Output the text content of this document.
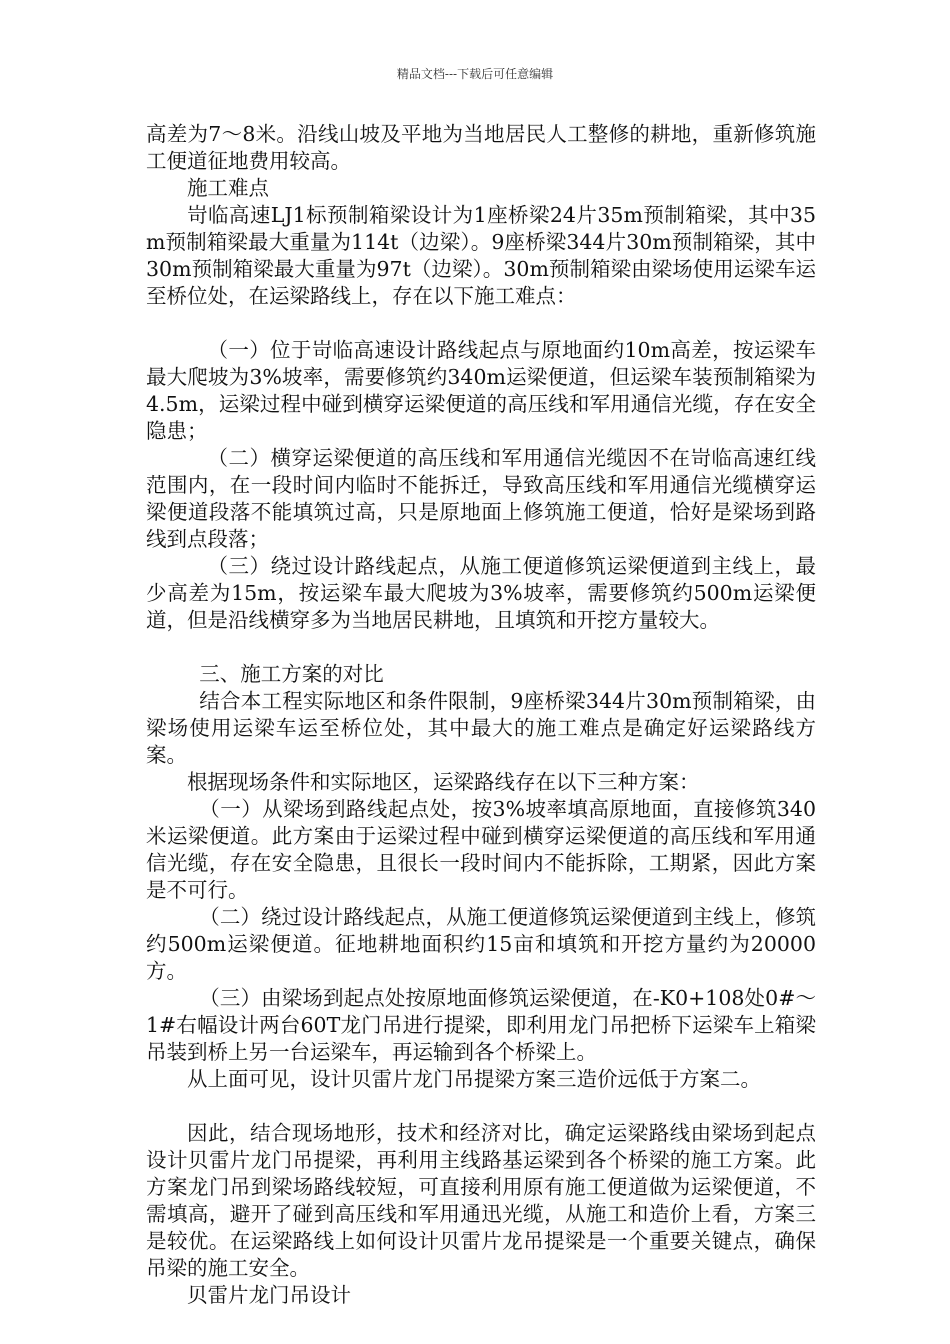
精品文档---下载后可任意编辑

高差为7～8米。沿线山坡及平地为当地居民人工整修的耕地，重新修筑施工便道征地费用较高。

施工难点

岢临高速LJ1标预制箱梁设计为1座桥梁24片35m预制箱梁，其中35m预制箱梁最大重量为114t（边梁）。9座桥梁344片30m预制箱梁，其中30m预制箱梁最大重量为97t（边梁）。30m预制箱梁由梁场使用运梁车运至桥位处，在运梁路线上，存在以下施工难点：

（一）位于岢临高速设计路线起点与原地面约10m高差，按运梁车最大爬坡为3%坡率，需要修筑约340m运梁便道，但运梁车装预制箱梁为4.5m，运梁过程中碰到横穿运梁便道的高压线和军用通信光缆，存在安全隐患；

（二）横穿运梁便道的高压线和军用通信光缆因不在岢临高速红线范围内，在一段时间内临时不能拆迁，导致高压线和军用通信光缆横穿运梁便道段落不能填筑过高，只是原地面上修筑施工便道，恰好是梁场到路线到点段落；

（三）绕过设计路线起点，从施工便道修筑运梁便道到主线上，最少高差为15m，按运梁车最大爬坡为3%坡率，需要修筑约500m运梁便道，但是沿线横穿多为当地居民耕地，且填筑和开挖方量较大。

三、施工方案的对比

结合本工程实际地区和条件限制，9座桥梁344片30m预制箱梁，由梁场使用运梁车运至桥位处，其中最大的施工难点是确定好运梁路线方案。

根据现场条件和实际地区，运梁路线存在以下三种方案：

（一）从梁场到路线起点处，按3%坡率填高原地面，直接修筑340米运梁便道。此方案由于运梁过程中碰到横穿运梁便道的高压线和军用通信光缆，存在安全隐患，且很长一段时间内不能拆除，工期紧，因此方案是不可行。

（二）绕过设计路线起点，从施工便道修筑运梁便道到主线上，修筑约500m运梁便道。征地耕地面积约15亩和填筑和开挖方量约为20000方。

（三）由梁场到起点处按原地面修筑运梁便道，在-K0+108处0#～1#右幅设计两台60T龙门吊进行提梁，即利用龙门吊把桥下运梁车上箱梁吊装到桥上另一台运梁车，再运输到各个桥梁上。

从上面可见，设计贝雷片龙门吊提梁方案三造价远低于方案二。

因此，结合现场地形，技术和经济对比，确定运梁路线由梁场到起点设计贝雷片龙门吊提梁，再利用主线路基运梁到各个桥梁的施工方案。此方案龙门吊到梁场路线较短，可直接利用原有施工便道做为运梁便道，不需填高，避开了碰到高压线和军用通迅光缆，从施工和造价上看，方案三是较优。在运梁路线上如何设计贝雷片龙吊提梁是一个重要关键点，确保吊梁的施工安全。

贝雷片龙门吊设计
